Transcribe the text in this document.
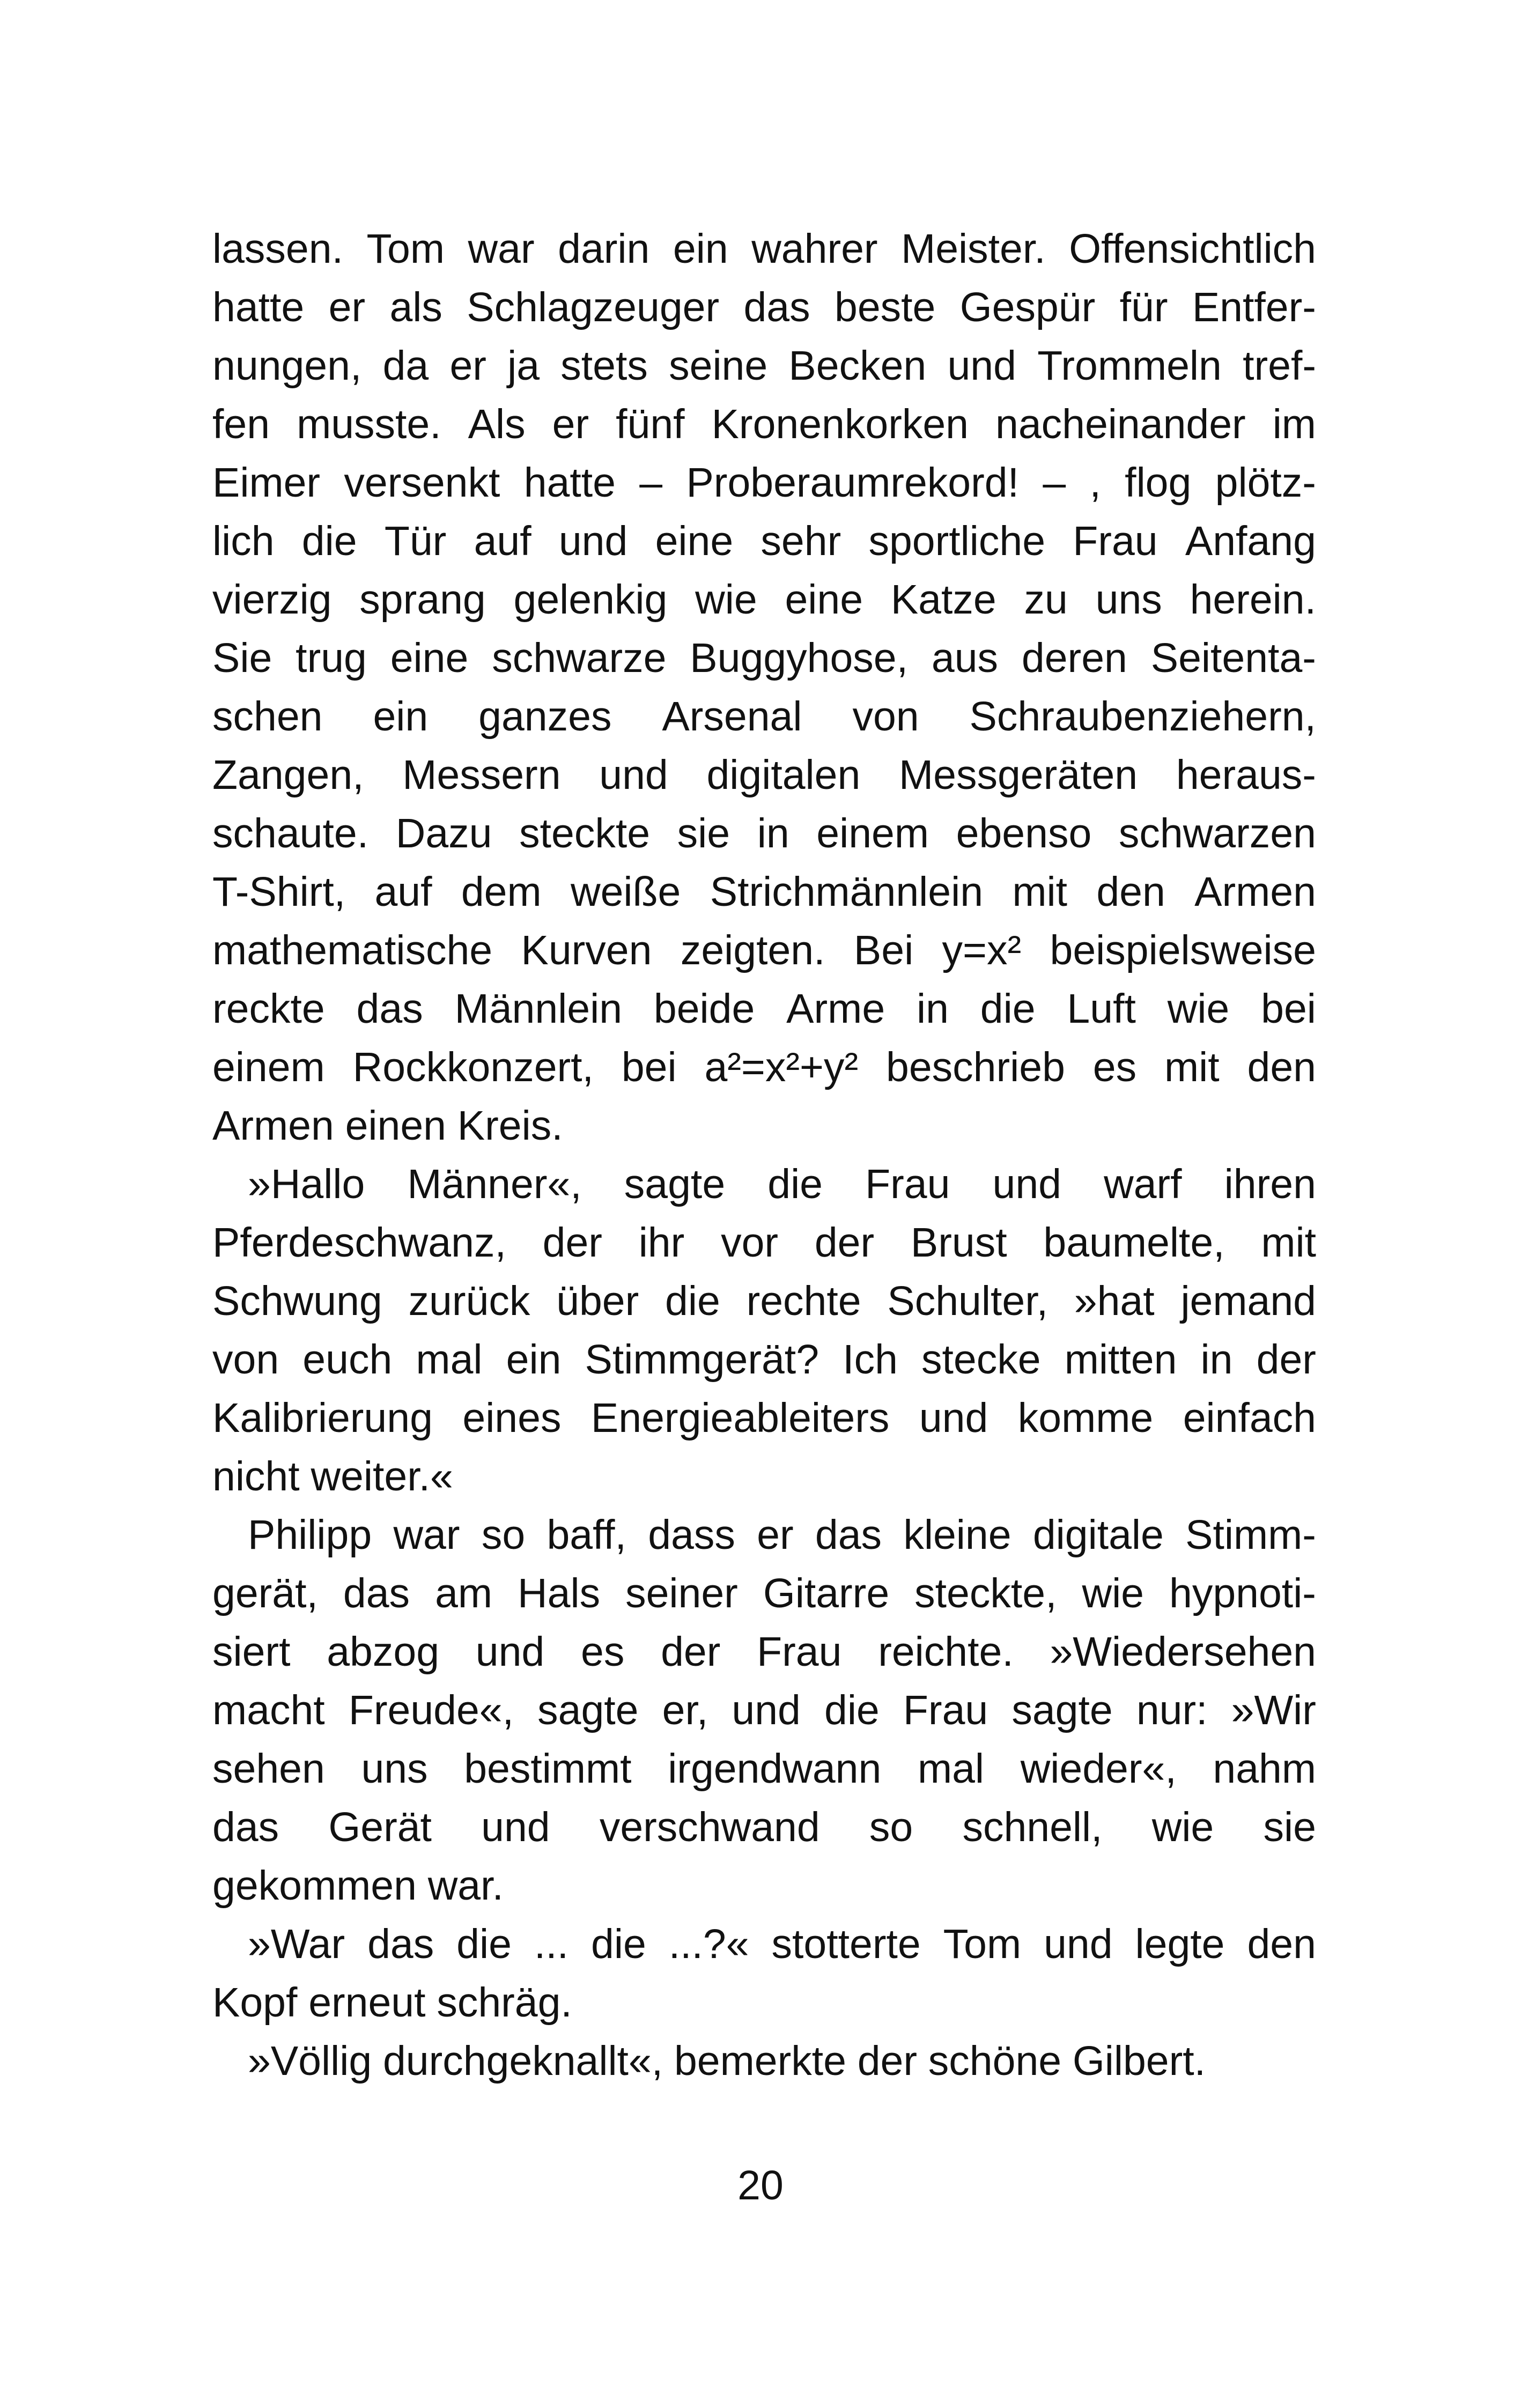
lassen. Tom war darin ein wahrer Meister. Offensichtlich
hatte er als Schlagzeuger das beste Gespür für Entfer-
nungen, da er ja stets seine Becken und Trommeln tref-
fen musste. Als er fünf Kronenkorken nacheinander im
Eimer versenkt hatte – Proberaumrekord! – , flog plötz-
lich die Tür auf und eine sehr sportliche Frau Anfang
vierzig sprang gelenkig wie eine Katze zu uns herein.
Sie trug eine schwarze Buggyhose, aus deren Seitenta-
schen ein ganzes Arsenal von Schraubenziehern,
Zangen, Messern und digitalen Messgeräten heraus-
schaute. Dazu steckte sie in einem ebenso schwarzen
T-Shirt, auf dem weiße Strichmännlein mit den Armen
mathematische Kurven zeigten. Bei y=x² beispielsweise
reckte das Männlein beide Arme in die Luft wie bei
einem Rockkonzert, bei a²=x²+y² beschrieb es mit den
Armen einen Kreis.
»Hallo Männer«, sagte die Frau und warf ihren
Pferdeschwanz, der ihr vor der Brust baumelte, mit
Schwung zurück über die rechte Schulter, »hat jemand
von euch mal ein Stimmgerät? Ich stecke mitten in der
Kalibrierung eines Energieableiters und komme einfach
nicht weiter.«
Philipp war so baff, dass er das kleine digitale Stimm-
gerät, das am Hals seiner Gitarre steckte, wie hypnoti-
siert abzog und es der Frau reichte. »Wiedersehen
macht Freude«, sagte er, und die Frau sagte nur: »Wir
sehen uns bestimmt irgendwann mal wieder«, nahm
das Gerät und verschwand so schnell, wie sie
gekommen war.
»War das die ... die ...?« stotterte Tom und legte den
Kopf erneut schräg.
»Völlig durchgeknallt«, bemerkte der schöne Gilbert.
20
